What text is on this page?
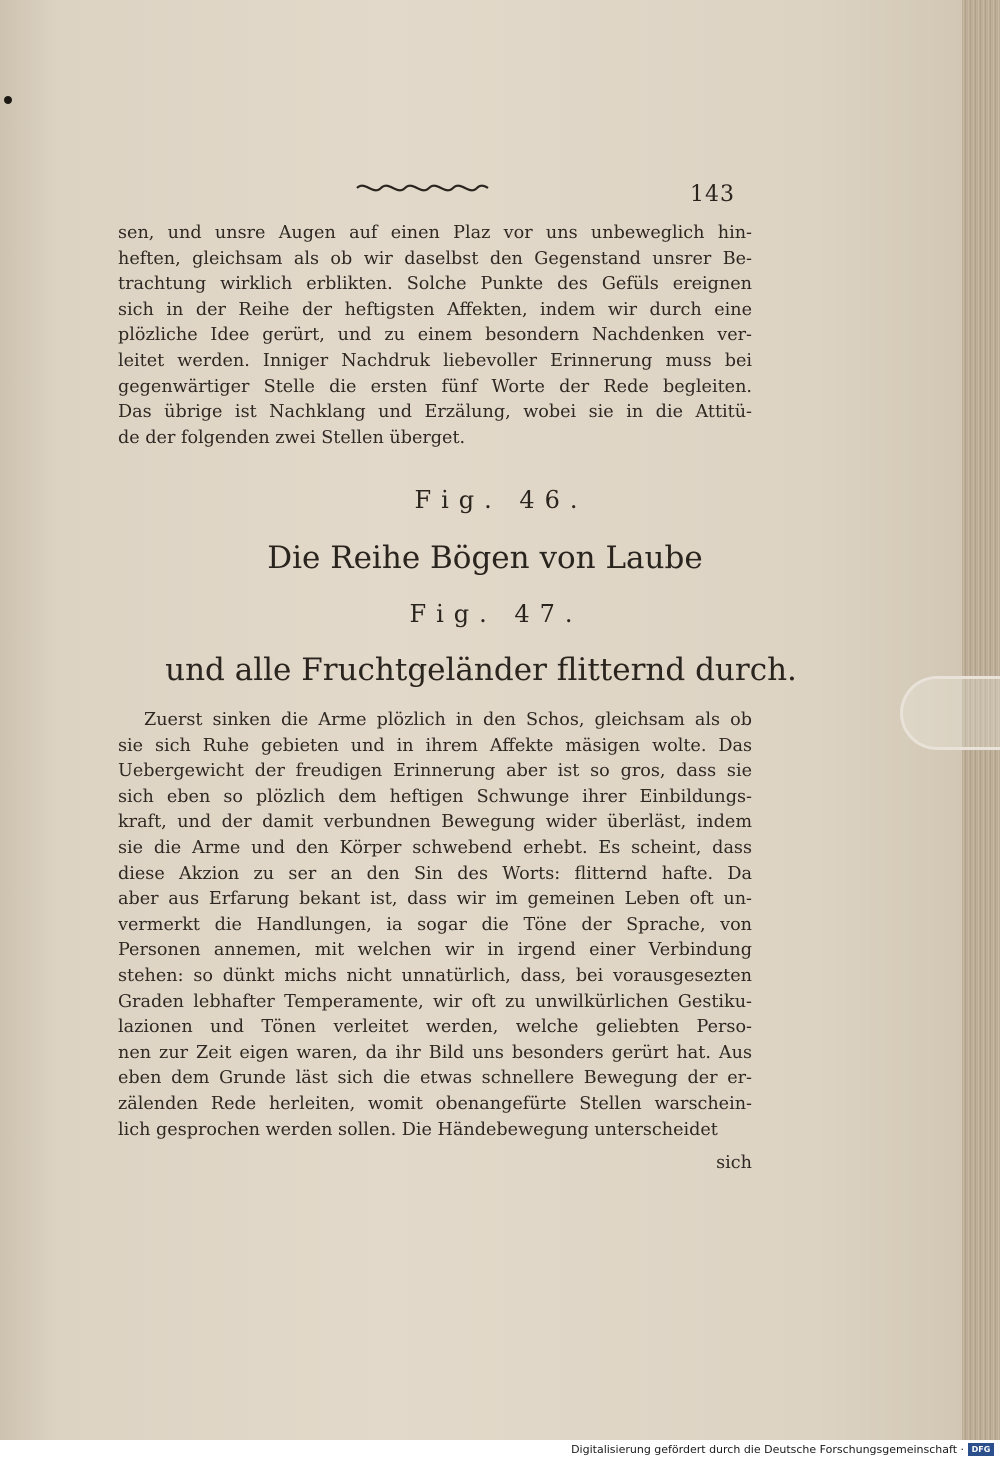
143
sen, und unsre Augen auf einen Plaz vor uns unbeweglich hin-
heften, gleichsam als ob wir daselbst den Gegenstand unsrer Be-
trachtung wirklich erblikten. Solche Punkte des Gefüls ereignen
sich in der Reihe der heftigsten Affekten, indem wir durch eine
plözliche Idee gerürt, und zu einem besondern Nachdenken ver-
leitet werden. Inniger Nachdruk liebevoller Erinnerung muss bei
gegenwärtiger Stelle die ersten fünf Worte der Rede begleiten.
Das übrige ist Nachklang und Erzälung, wobei sie in die Attitü-
de der folgenden zwei Stellen überget.
Fig. 46.
Die Reihe Bögen von Laube
Fig. 47.
und alle Fruchtgeländer flitternd durch.
Zuerst sinken die Arme plözlich in den Schos, gleichsam als ob
sie sich Ruhe gebieten und in ihrem Affekte mäsigen wolte. Das
Uebergewicht der freudigen Erinnerung aber ist so gros, dass sie
sich eben so plözlich dem heftigen Schwunge ihrer Einbildungs-
kraft, und der damit verbundnen Bewegung wider überläst, indem
sie die Arme und den Körper schwebend erhebt. Es scheint, dass
diese Akzion zu ser an den Sin des Worts: flitternd hafte. Da
aber aus Erfarung bekant ist, dass wir im gemeinen Leben oft un-
vermerkt die Handlungen, ia sogar die Töne der Sprache, von
Personen annemen, mit welchen wir in irgend einer Verbindung
stehen: so dünkt michs nicht unnatürlich, dass, bei vorausgesezten
Graden lebhafter Temperamente, wir oft zu unwilkürlichen Gestiku-
lazionen und Tönen verleitet werden, welche geliebten Perso-
nen zur Zeit eigen waren, da ihr Bild uns besonders gerürt hat. Aus
eben dem Grunde läst sich die etwas schnellere Bewegung der er-
zälenden Rede herleiten, womit obenangefürte Stellen warschein-
lich gesprochen werden sollen. Die Händebewegung unterscheidet
sich
Digitalisierung gefördert durch die Deutsche Forschungsgemeinschaft · DFG
